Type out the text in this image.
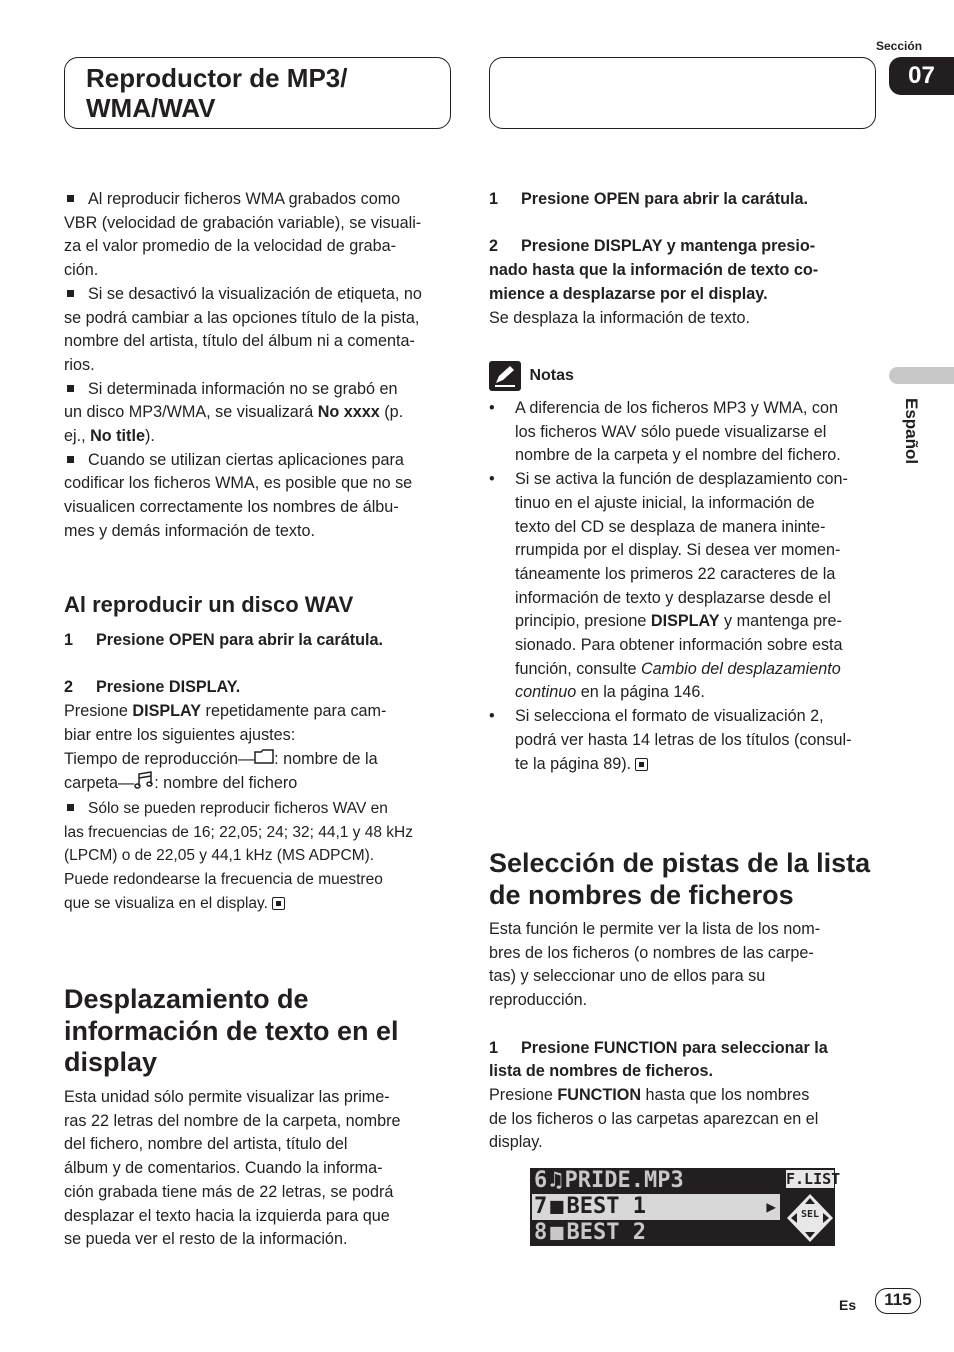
Reproductor de MP3/
WMA/WAV
Sección
07
Español

Al reproducir ficheros WMA grabados como

VBR (velocidad de grabación variable), se visuali-

za el valor promedio de la velocidad de graba-

ción.

Si se desactivó la visualización de etiqueta, no

se podrá cambiar a las opciones título de la pista,

nombre del artista, título del álbum ni a comenta-

rios.

Si determinada información no se grabó en

un disco MP3/WMA, se visualizará No xxxx (p.

ej., No title).

Cuando se utilizan ciertas aplicaciones para

codificar los ficheros WMA, es posible que no se

visualicen correctamente los nombres de álbu-

mes y demás información de texto.

Al reproducir un disco WAV

1 Presione OPEN para abrir la carátula.

2 Presione DISPLAY.

Presione DISPLAY repetidamente para cam-

biar entre los siguientes ajustes:

Tiempo de reproducción— : nombre de la

carpeta— : nombre del fichero

Sólo se pueden reproducir ficheros WAV en

las frecuencias de 16; 22,05; 24; 32; 44,1 y 48 kHz

(LPCM) o de 22,05 y 44,1 kHz (MS ADPCM).

Puede redondearse la frecuencia de muestreo

que se visualiza en el display.

Desplazamiento de
información de texto en el
display

Esta unidad sólo permite visualizar las prime-

ras 22 letras del nombre de la carpeta, nombre

del fichero, nombre del artista, título del

álbum y de comentarios. Cuando la informa-

ción grabada tiene más de 22 letras, se podrá

desplazar el texto hacia la izquierda para que

se pueda ver el resto de la información.

1 Presione OPEN para abrir la carátula.

2 Presione DISPLAY y mantenga presio-

nado hasta que la información de texto co-

mience a desplazarse por el display.

Se desplaza la información de texto.

Notas

• A diferencia de los ficheros MP3 y WMA, con

los ficheros WAV sólo puede visualizarse el

nombre de la carpeta y el nombre del fichero.

• Si se activa la función de desplazamiento con-

tinuo en el ajuste inicial, la información de

texto del CD se desplaza de manera ininte-

rrumpida por el display. Si desea ver momen-

táneamente los primeros 22 caracteres de la

información de texto y desplazarse desde el

principio, presione DISPLAY y mantenga pre-

sionado. Para obtener información sobre esta

función, consulte Cambio del desplazamiento

continuo en la página 146.

• Si selecciona el formato de visualización 2,

podrá ver hasta 14 letras de los títulos (consul-

te la página 89).

Selección de pistas de la lista
de nombres de ficheros

Esta función le permite ver la lista de los nom-

bres de los ficheros (o nombres de las carpe-

tas) y seleccionar uno de ellos para su

reproducción.

1 Presione FUNCTION para seleccionar la

lista de nombres de ficheros.

Presione FUNCTION hasta que los nombres

de los ficheros o las carpetas aparezcan en el

display.

6♫PRIDE.MP3
7 ■ BEST 1	▶
8 ■ BEST 2
F.LIST
SEL
Es	115
